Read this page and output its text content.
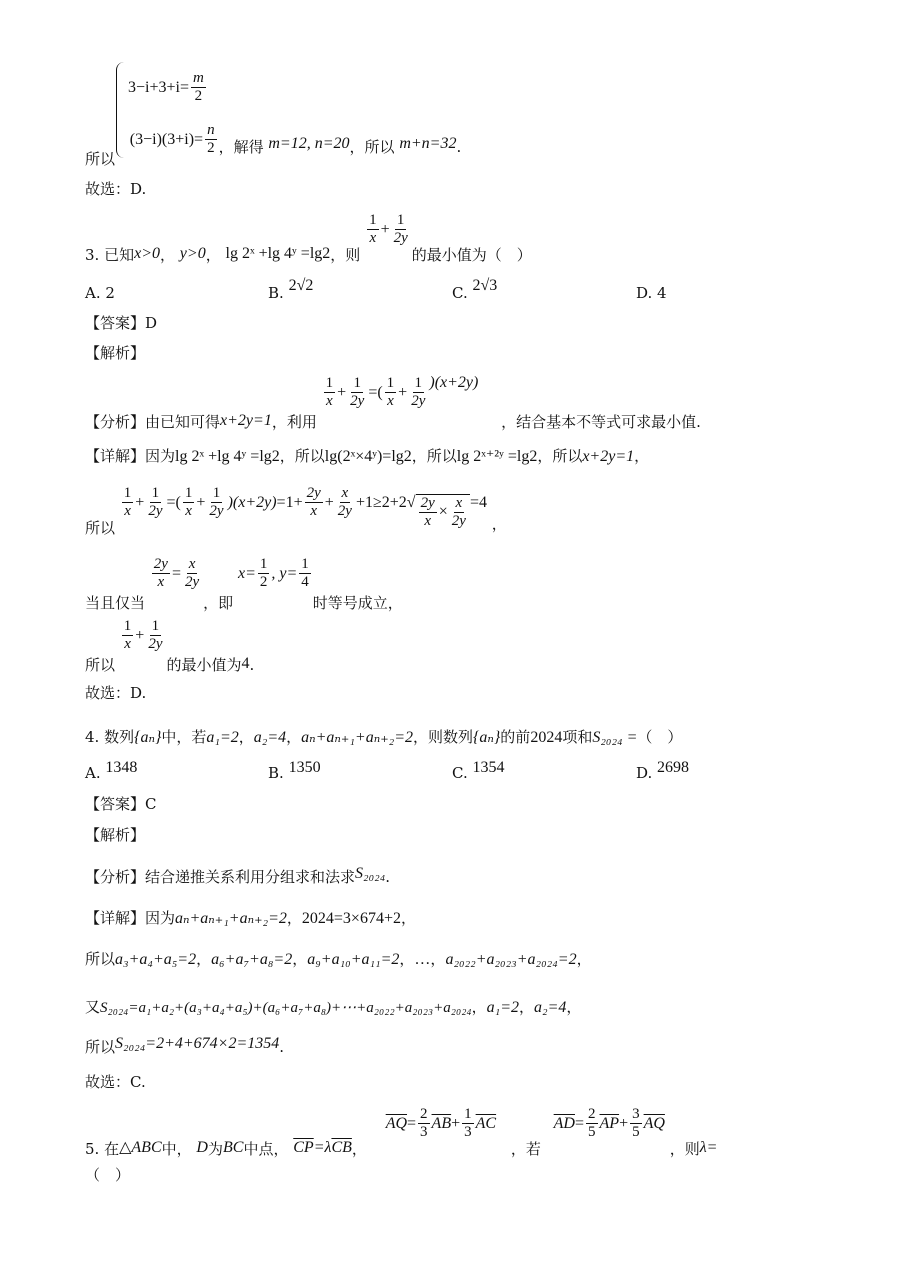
$3-i+3+i= \frac{m}{2}$
所以 $(3-i)(3+i)= \frac{n}{2}$ ，解得 m=12, n=20，所以 m+n=32.
故选：D.
3. 已知x>0， y>0， lg 2ˣ +lg 4ʸ =lg2，则
$\frac{1}{x} + \frac{1}{2y}$
的最小值为（　）
A. 2	B. 2√2	C. 2√3	D. 4
【答案】D
【解析】
【分析】由已知可得x+2y=1，利用
$\frac{1}{x} + \frac{1}{2y}$ =( $\frac{1}{x} + \frac{1}{2y} )(x+2y)$ ，结合基本不等式可求最小值.
【详解】因为lg 2ˣ +lg 4ʸ =lg2，所以lg(2ˣ×4ʸ)=lg2，所以lg 2ˣ⁺²ʸ =lg2，所以x+2y=1，
所以
$\frac{1}{x} + \frac{1}{2y}$ =( $\frac{1}{x} + \frac{1}{2y} )(x+2y)=1+ \frac{2y}{x} + \frac{x}{2y} +1\ge 2+2√ \frac{2y}{x} \times \frac{x}{2y} =4$ ，
当且仅当
$\frac{2y}{x} = \frac{x}{2y}$
，即 $x= \frac{1}{2}$ , $y= \frac{1}{4}$
时等号成立，
所以
$\frac{1}{x} + \frac{1}{2y}$
的最小值为4.
故选：D.
4. 数列{aₙ}中，若a₁=2，a₂=4，aₙ+aₙ₊₁+aₙ₊₂=2，则数列{aₙ}的前2024项和S₂₀₂₄ =（　）
A. 1348	B. 1350	C. 1354	D. 2698
【答案】C
【解析】
【分析】结合递推关系利用分组求和法求S₂₀₂₄.
【详解】因为aₙ+aₙ₊₁+aₙ₊₂=2，2024=3×674+2，
所以a₃+a₄+a₅=2，a₆+a₇+a₈=2，a₉+a₁₀+a₁₁=2，…，a₂₀₂₂+a₂₀₂₃+a₂₀₂₄=2，
又S₂₀₂₄=a₁+a₂+(a₃+a₄+a₅)+(a₆+a₇+a₈)+⋯+a₂₀₂₂+a₂₀₂₃+a₂₀₂₄，a₁=2，a₂=4，
所以S₂₀₂₄=2+4+674×2=1354.
故选：C.
5. 在△ABC中， D为BC中点， $\overline{CP}=\lambda\overline{CB}$， $\overline{AQ}= \frac{2}{3} \overline{AB}+ \frac{1}{3} \overline{AC}$ ，若 $\overline{AD}= \frac{2}{5} \overline{AP}+ \frac{3}{5} \overline{AQ}$ ，则λ=
（　）
